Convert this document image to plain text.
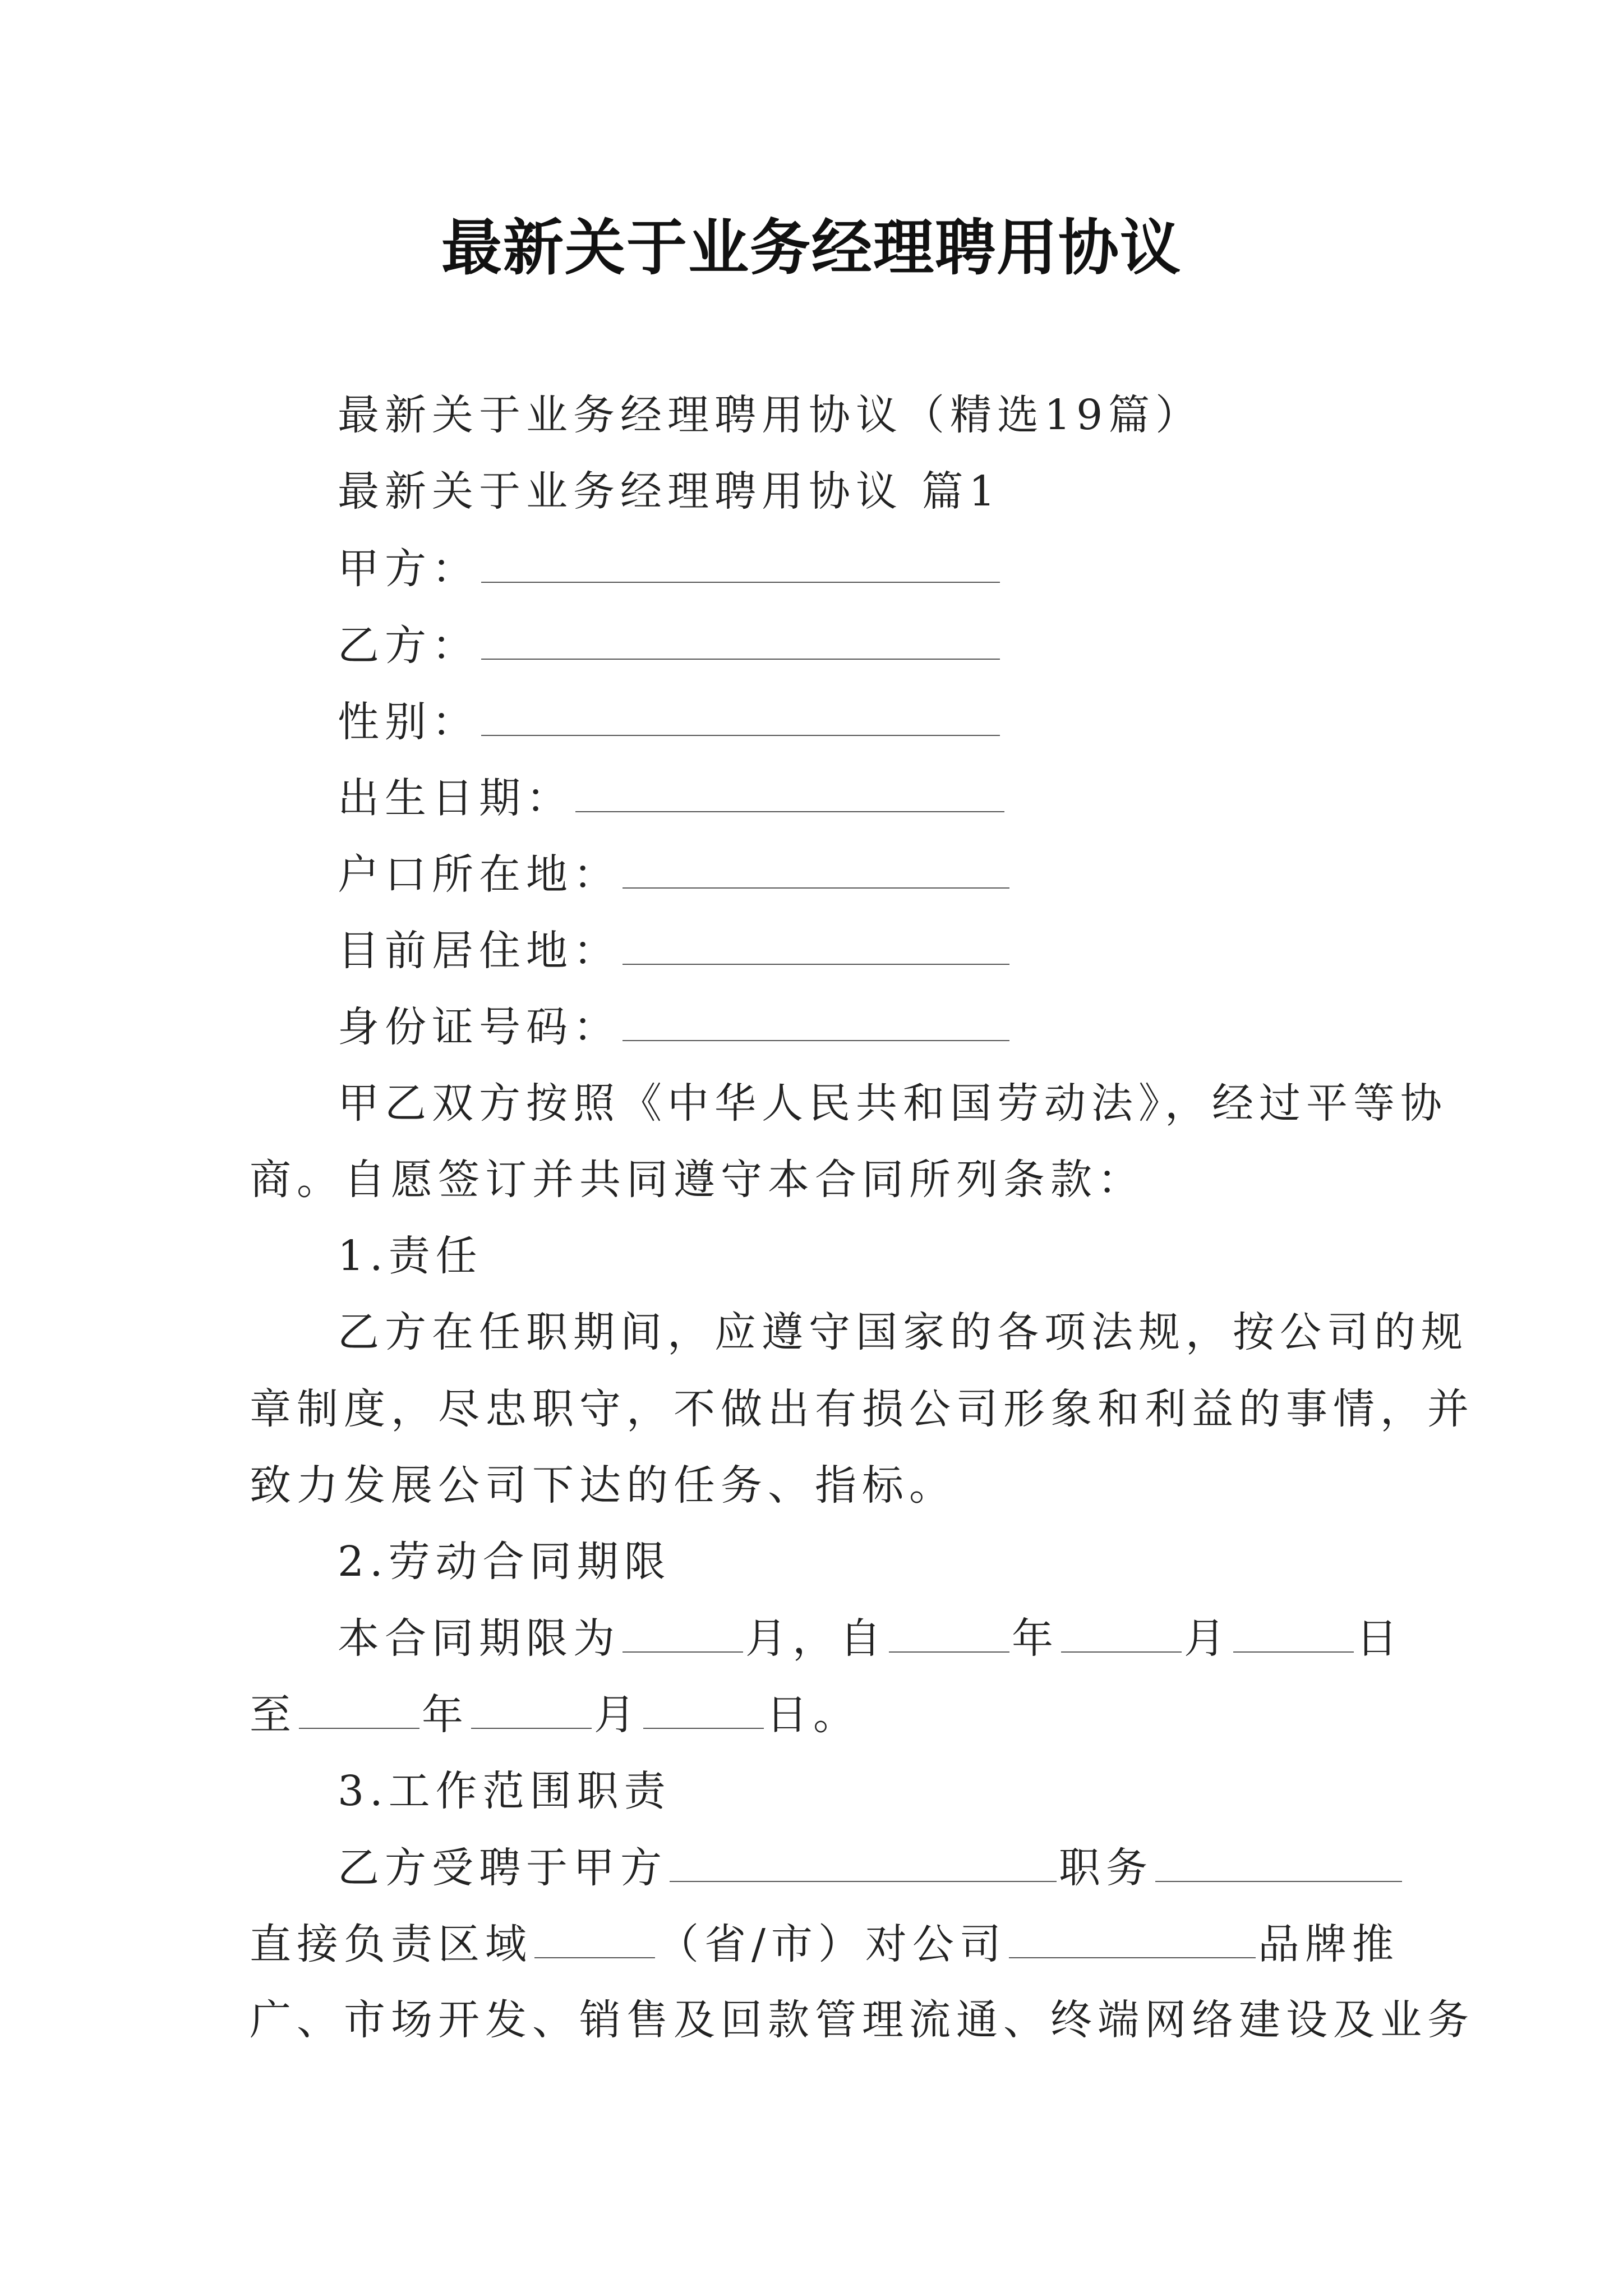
最新关于业务经理聘用协议
最新关于业务经理聘用协议（精选19篇）
最新关于业务经理聘用协议 篇1
甲方：
乙方：
性别：
出生日期：
户口所在地：
目前居住地：
身份证号码：
甲乙双方按照《中华人民共和国劳动法》，经过平等协
商。自愿签订并共同遵守本合同所列条款：
1.责任
乙方在任职期间，应遵守国家的各项法规，按公司的规
章制度，尽忠职守，不做出有损公司形象和利益的事情，并
致力发展公司下达的任务、指标。
2.劳动合同期限
本合同期限为	月，自	年	月	日
至	年	月	日。
3.工作范围职责
乙方受聘于甲方	职务
直接负责区域	（省/市）对公司	品牌推
广、市场开发、销售及回款管理流通、终端网络建设及业务
